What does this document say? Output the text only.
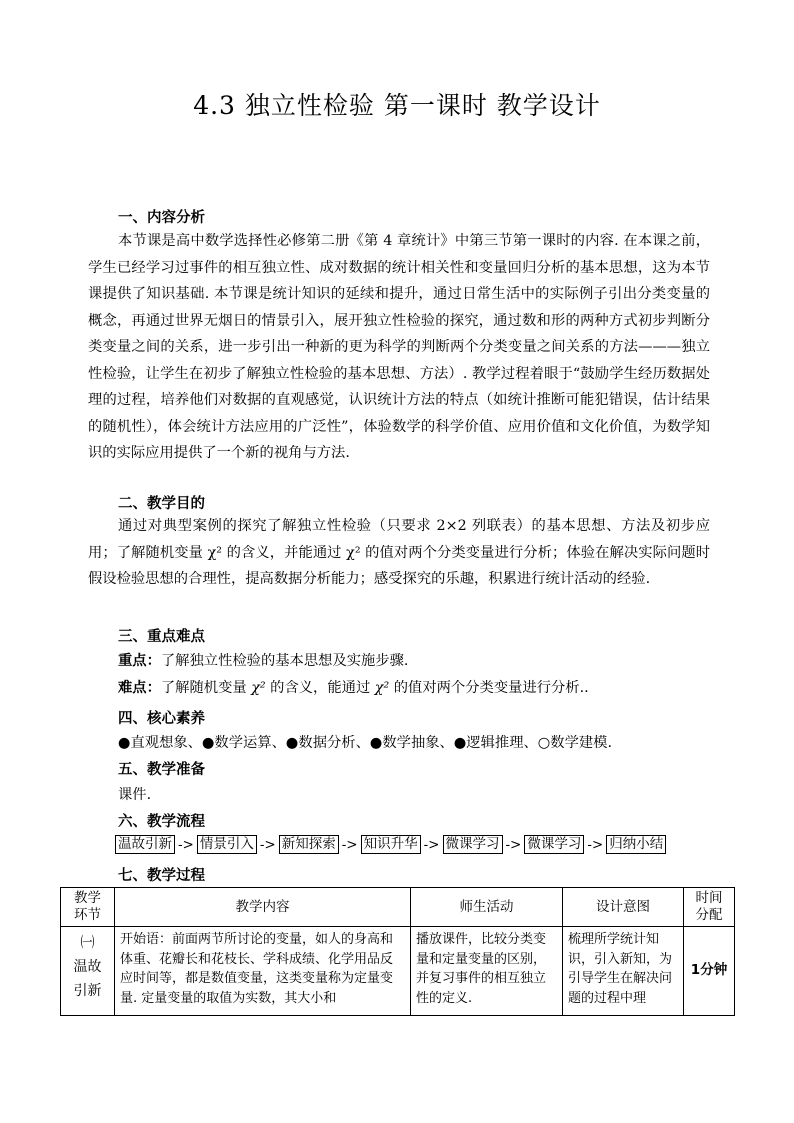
4.3 独立性检验 第一课时 教学设计
一、内容分析

本节课是高中数学选择性必修第二册《第 4 章统计》中第三节第一课时的内容. 在本课之前，学生已经学习过事件的相互独立性、成对数据的统计相关性和变量回归分析的基本思想，这为本节课提供了知识基础. 本节课是统计知识的延续和提升，通过日常生活中的实际例子引出分类变量的概念，再通过世界无烟日的情景引入，展开独立性检验的探究，通过数和形的两种方式初步判断分类变量之间的关系，进一步引出一种新的更为科学的判断两个分类变量之间关系的方法———独立性检验，让学生在初步了解独立性检验的基本思想、方法）. 教学过程着眼于“鼓励学生经历数据处理的过程，培养他们对数据的直观感觉，认识统计方法的特点（如统计推断可能犯错误，估计结果的随机性），体会统计方法应用的广泛性”，体验数学的科学价值、应用价值和文化价值，为数学知识的实际应用提供了一个新的视角与方法.

二、教学目的

通过对典型案例的探究了解独立性检验（只要求 2×2 列联表）的基本思想、方法及初步应用；了解随机变量 χ² 的含义，并能通过 χ² 的值对两个分类变量进行分析；体验在解决实际问题时假设检验思想的合理性，提高数据分析能力；感受探究的乐趣，积累进行统计活动的经验.

三、重点难点
重点：了解独立性检验的基本思想及实施步骤.
难点：了解随机变量 χ² 的含义，能通过 χ² 的值对两个分类变量进行分析..
四、核心素养
●直观想象、●数学运算、●数据分析、●数学抽象、●逻辑推理、○数学建模.
五、教学准备
课件.
六、教学流程
温故引新 -> 情景引入 -> 新知探索 -> 知识升华 -> 微课学习 -> 微课学习 -> 归纳小结
七、教学过程
教学环节	教学内容	师生活动	设计意图	时间分配

㈠
温故引新	开始语：前面两节所讨论的变量，如人的身高和体重、花瓣长和花枝长、学科成绩、化学用品反应时间等，都是数值变量，这类变量称为定量变量. 定量变量的取值为实数，其大小和	播放课件，比较分类变量和定量变量的区别，并复习事件的相互独立性的定义.	梳理所学统计知识，引入新知，为引导学生在解决问题的过程中理	1分钟
